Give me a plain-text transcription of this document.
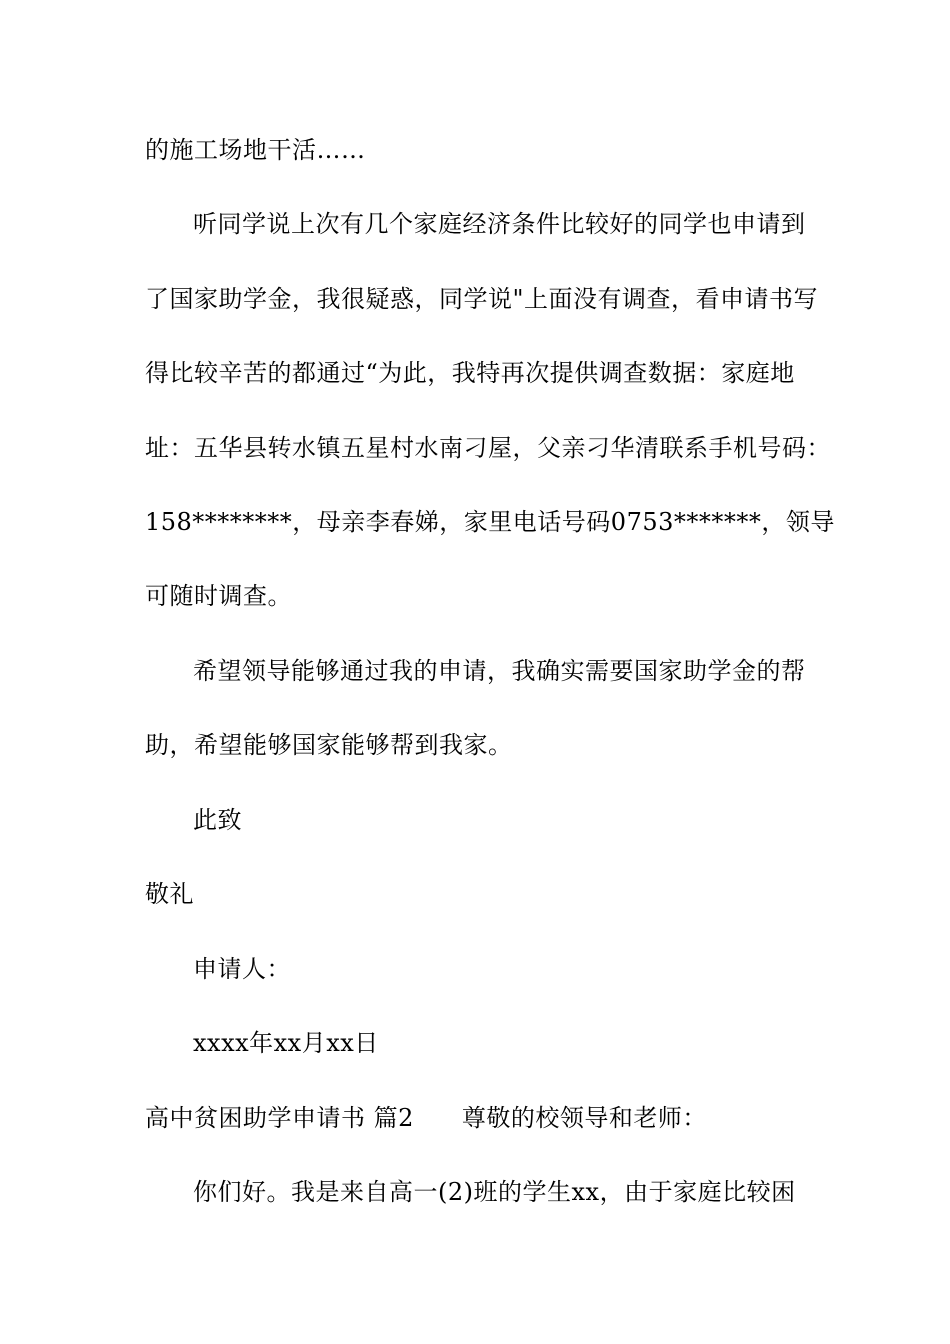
的施工场地干活……
听同学说上次有几个家庭经济条件比较好的同学也申请到
了国家助学金，我很疑惑，同学说"上面没有调查，看申请书写
得比较辛苦的都通过“为此，我特再次提供调查数据：家庭地
址：五华县转水镇五星村水南刁屋，父亲刁华清联系手机号码：
158********，母亲李春娣，家里电话号码0753*******，领导
可随时调查。
希望领导能够通过我的申请，我确实需要国家助学金的帮
助，希望能够国家能够帮到我家。
此致
敬礼
申请人：
xxxx年xx月xx日
高中贫困助学申请书 篇2 尊敬的校领导和老师：
你们好。我是来自高一(2)班的学生xx，由于家庭比较困
